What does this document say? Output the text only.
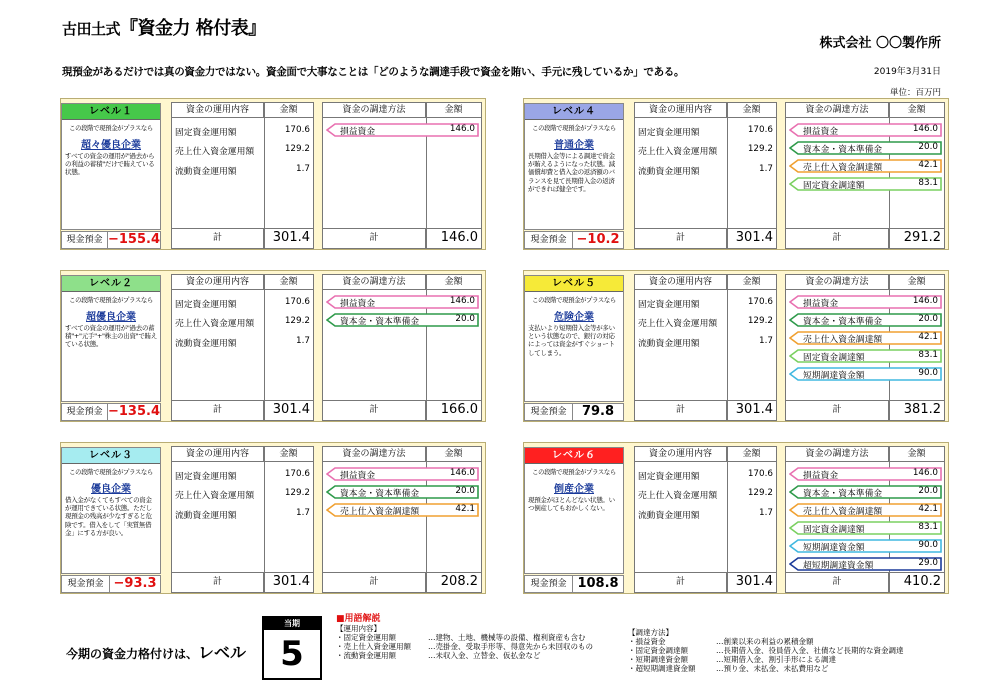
古田土式『資金力 格付表』
株式会社 〇〇製作所
現預金があるだけでは真の資金力ではない。資金面で大事なことは「どのような調達手段で資金を賄い、手元に残しているか」である。	2019年3月31日
単位：百万円
レベル１
この段階で現預金がプラスなら
超々優良企業
すべての資金の運用が"過去からの利益の蓄積"だけで賄えている状態。
現金預金 −155.4
資金の運用内容	金額
固定資金運用額	170.6
売上仕入資金運用額	129.2
流動資金運用額	1.7
計	301.4
資金の調達方法	金額
損益資金	146.0
計	146.0
レベル４
この段階で現預金がプラスなら
普通企業
長期借入金等による調達で資金が賄えるようになった状態。減価償却費と借入金の返済額のバランスを見て長期借入金の返済ができれば健全です。
現金預金 −10.2
資金の運用内容	金額
固定資金運用額	170.6
売上仕入資金運用額	129.2
流動資金運用額	1.7
計	301.4
資金の調達方法	金額
損益資金	146.0
資本金・資本準備金	20.0
売上仕入資金調達額	42.1
固定資金調達額	83.1
計	291.2
レベル２
この段階で現預金がプラスなら
超優良企業
すべての資金の運用が"過去の蓄積"+"元手"+"株主の出資"で賄えている状態。
現金預金 −135.4
資金の運用内容	金額
固定資金運用額	170.6
売上仕入資金運用額	129.2
流動資金運用額	1.7
計	301.4
資金の調達方法	金額
損益資金	146.0
資本金・資本準備金	20.0
計	166.0
レベル５
この段階で現預金がプラスなら
危険企業
支払いより短期借入金等が多いという状態なので、銀行の対応によっては資金がすぐショートしてしまう。
現金預金	79.8
資金の運用内容	金額
固定資金運用額	170.6
売上仕入資金運用額	129.2
流動資金運用額	1.7
計	301.4
資金の調達方法	金額
損益資金	146.0
資本金・資本準備金	20.0
売上仕入資金調達額	42.1
固定資金調達額	83.1
短期調達資金額	90.0
計	381.2
レベル３
この段階で現預金がプラスなら
優良企業
借入金がなくてもすべての資金が運用できている状態。ただし現預金の残高が少なすぎると危険です。借入をして「実質無借金」にする方が良い。
現金預金 −93.3
資金の運用内容	金額
固定資金運用額	170.6
売上仕入資金運用額	129.2
流動資金運用額	1.7
計	301.4
資金の調達方法	金額
損益資金	146.0
資本金・資本準備金	20.0
売上仕入資金調達額	42.1
計	208.2
レベル６
この段階で現預金がプラスなら
倒産企業
現預金がほとんどない状態。いつ倒産してもおかしくない。
現金預金 108.8
資金の運用内容	金額
固定資金運用額	170.6
売上仕入資金運用額	129.2
流動資金運用額	1.7
計	301.4
資金の調達方法	金額
損益資金	146.0
資本金・資本準備金	20.0
売上仕入資金調達額	42.1
固定資金調達額	83.1
短期調達資金額	90.0
超短期調達資金額	29.0
計	410.2
今期の資金力格付けは、レベル
当期
5
■用語解説
【運用内容】
・固定資金運用額	…建物、土地、機械等の設備、権利資産も含む
・売上仕入資金運用額	…売掛金、受取手形等、得意先から未回収のもの
・流動資金運用額	…未収入金、立替金、仮払金など
【調達方法】
・損益資金	…創業以来の利益の累積金額
・固定資金調達額	…長期借入金、役員借入金、社債など長期的な資金調達
・短期調達資金額	…短期借入金、割引手形による調達
・超短期調達資金額	…預り金、未払金、未払費用など
